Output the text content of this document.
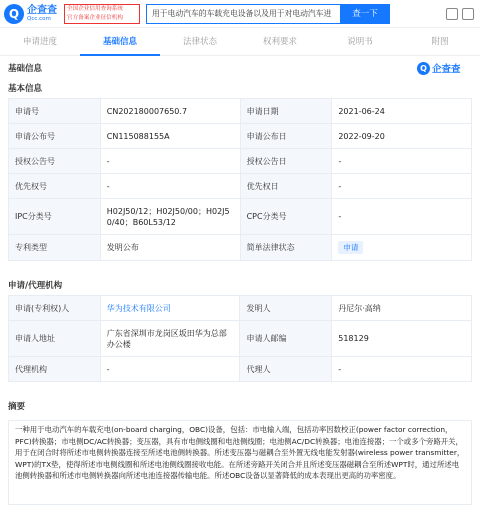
Q 企查查
Qcc.com
全国企业信用查询系统
官方备案企业征信机构	用于电动汽车的车载充电设备以及用于对电动汽车进	查一下
申请进度	基础信息	法律状态	权利要求	说明书	附图
基础信息	Q 企查查
基本信息
申请号	CN202180007650.7	申请日期	2021-06-24
申请公布号	CN115088155A	申请公布日	2022-09-20
授权公告号	-	授权公告日	-
优先权号	-	优先权日	-
IPC分类号	H02J50/12；H02J50/00；H02J5
0/40；B60L53/12	CPC分类号	-
专利类型	发明公布	简单法律状态	申请
申请/代理机构
申请(专利权)人	华为技术有限公司	发明人	丹尼尔·高纳
申请人地址	广东省深圳市龙岗区坂田华为总部
办公楼	申请人邮编	518129
代理机构	-	代理人	-
摘要
一种用于电动汽车的车载充电(on-board charging，OBC)设备，包括：市电输入端，包括功率因数校正(power factor correction，PFC)转换器；市电侧DC/AC转换器；变压器，具有市电侧线圈和电池侧线圈；电池侧AC/DC转换器；电池连接器；一个或多个旁路开关，用于在闭合时将所述市电侧转换器连接至所述电池侧转换器。所述变压器与磁耦合至外置无线电能发射器(wireless power transmitter，WPT)的TX垫，使得所述市电侧线圈和所述电池侧线圈接收电能。在所述旁路开关闭合并且所述变压器磁耦合至所述WPT时，通过所述电池侧转换器和所述市电侧转换器向所述电池连接器传输电能。所述OBC设备以显著降低的成本表现出更高的功率密度。
